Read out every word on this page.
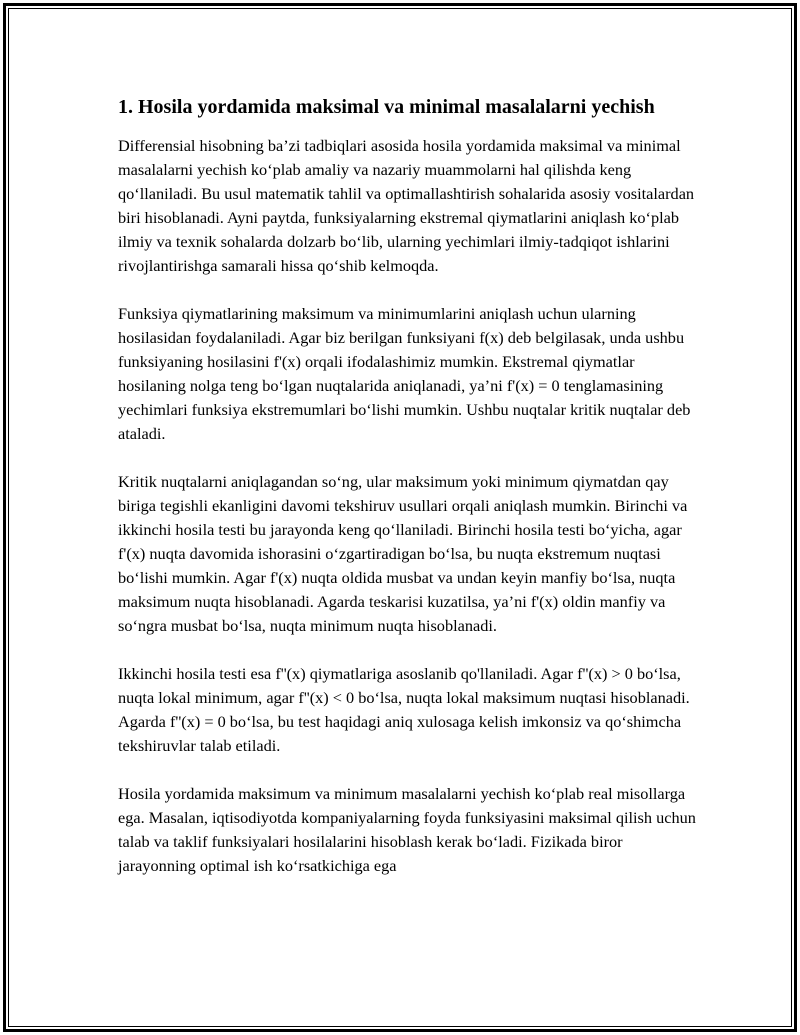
1. Hosila yordamida maksimal va minimal masalalarni yechish

Differensial hisobning ba’zi tadbiqlari asosida hosila yordamida maksimal va minimal masalalarni yechish ko‘plab amaliy va nazariy muammolarni hal qilishda keng qo‘llaniladi. Bu usul matematik tahlil va optimallashtirish sohalarida asosiy vositalardan biri hisoblanadi. Ayni paytda, funksiyalarning ekstremal qiymatlarini aniqlash ko‘plab ilmiy va texnik sohalarda dolzarb bo‘lib, ularning yechimlari ilmiy-tadqiqot ishlarini rivojlantirishga samarali hissa qo‘shib kelmoqda.

Funksiya qiymatlarining maksimum va minimumlarini aniqlash uchun ularning hosilasidan foydalaniladi. Agar biz berilgan funksiyani f(x) deb belgilasak, unda ushbu funksiyaning hosilasini f'(x) orqali ifodalashimiz mumkin. Ekstremal qiymatlar hosilaning nolga teng bo‘lgan nuqtalarida aniqlanadi, ya’ni f'(x) = 0 tenglamasining yechimlari funksiya ekstremumlari bo‘lishi mumkin. Ushbu nuqtalar kritik nuqtalar deb ataladi.

Kritik nuqtalarni aniqlagandan so‘ng, ular maksimum yoki minimum qiymatdan qay biriga tegishli ekanligini davomi tekshiruv usullari orqali aniqlash mumkin. Birinchi va ikkinchi hosila testi bu jarayonda keng qo‘llaniladi. Birinchi hosila testi bo‘yicha, agar f'(x) nuqta davomida ishorasini o‘zgartiradigan bo‘lsa, bu nuqta ekstremum nuqtasi bo‘lishi mumkin. Agar f'(x) nuqta oldida musbat va undan keyin manfiy bo‘lsa, nuqta maksimum nuqta hisoblanadi. Agarda teskarisi kuzatilsa, ya’ni f'(x) oldin manfiy va so‘ngra musbat bo‘lsa, nuqta minimum nuqta hisoblanadi.

Ikkinchi hosila testi esa f''(x) qiymatlariga asoslanib qo'llaniladi. Agar f''(x) > 0 bo‘lsa, nuqta lokal minimum, agar f''(x) < 0 bo‘lsa, nuqta lokal maksimum nuqtasi hisoblanadi. Agarda f''(x) = 0 bo‘lsa, bu test haqidagi aniq xulosaga kelish imkonsiz va qo‘shimcha tekshiruvlar talab etiladi.

Hosila yordamida maksimum va minimum masalalarni yechish ko‘plab real misollarga ega. Masalan, iqtisodiyotda kompaniyalarning foyda funksiyasini maksimal qilish uchun talab va taklif funksiyalari hosilalarini hisoblash kerak bo‘ladi. Fizikada biror jarayonning optimal ish ko‘rsatkichiga ega
